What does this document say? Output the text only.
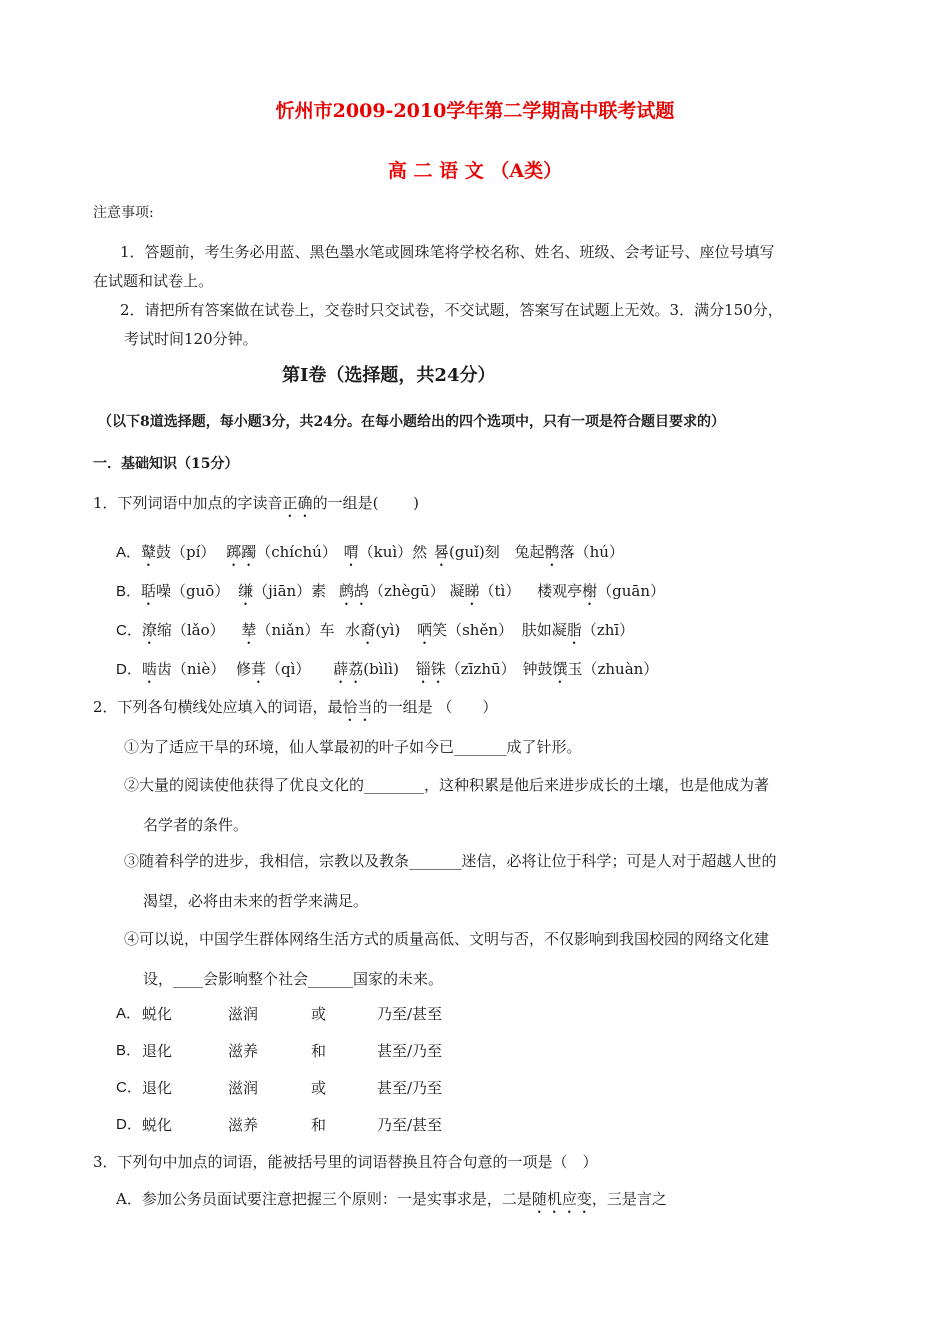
忻州市2009-2010学年第二学期高中联考试题
高 二 语 文 （A类）
注意事项:
1．答题前，考生务必用蓝、黑色墨水笔或圆珠笔将学校名称、姓名、班级、会考证号、座位号填写
在试题和试卷上。
2．请把所有答案做在试卷上，交卷时只交试卷，不交试题，答案写在试题上无效。3．满分150分，
考试时间120分钟。
第Ⅰ卷（选择题，共24分）
（以下8道选择题，每小题3分，共24分。在每小题给出的四个选项中，只有一项是符合题目要求的）
一．基础知识（15分）
1．下列词语中加点的字读音正确的一组是(　　 )
A．鼙鼓（pí） 踯躅（chíchú） 喟（kuì）然 晷(guǐ)刻 兔起鹘落（hú）
B．聒噪（guō） 缣（jiān）素 鹧鸪（zhègū） 凝睇（tì） 楼观亭榭（guān）
C．潦缩（lǎo） 辇（niǎn）车 水裔(yì) 哂笑（shěn） 肤如凝脂（zhī）
D．啮齿（niè） 修葺（qì） 薜荔(bìlì) 锱铢（zīzhū） 钟鼓馔玉（zhuàn）
2．下列各句横线处应填入的词语，最恰当的一组是 （　　）
①为了适应干旱的环境，仙人掌最初的叶子如今已_______成了针形。
②大量的阅读使他获得了优良文化的________，这种积累是他后来进步成长的土壤，也是他成为著
名学者的条件。
③随着科学的进步，我相信，宗教以及教条_______迷信，必将让位于科学；可是人对于超越人世的
渴望，必将由未来的哲学来满足。
④可以说，中国学生群体网络生活方式的质量高低、文明与否，不仅影响到我国校园的网络文化建
设，____会影响整个社会______国家的未来。
A． 蜕化	滋润	或	乃至/甚至
B． 退化	滋养	和	甚至/乃至
C． 退化	滋润	或	甚至/乃至
D． 蜕化	滋养	和	乃至/甚至
3．下列句中加点的词语，能被括号里的词语替换且符合句意的一项是（　）
A．参加公务员面试要注意把握三个原则：一是实事求是，二是随机应变，三是言之
